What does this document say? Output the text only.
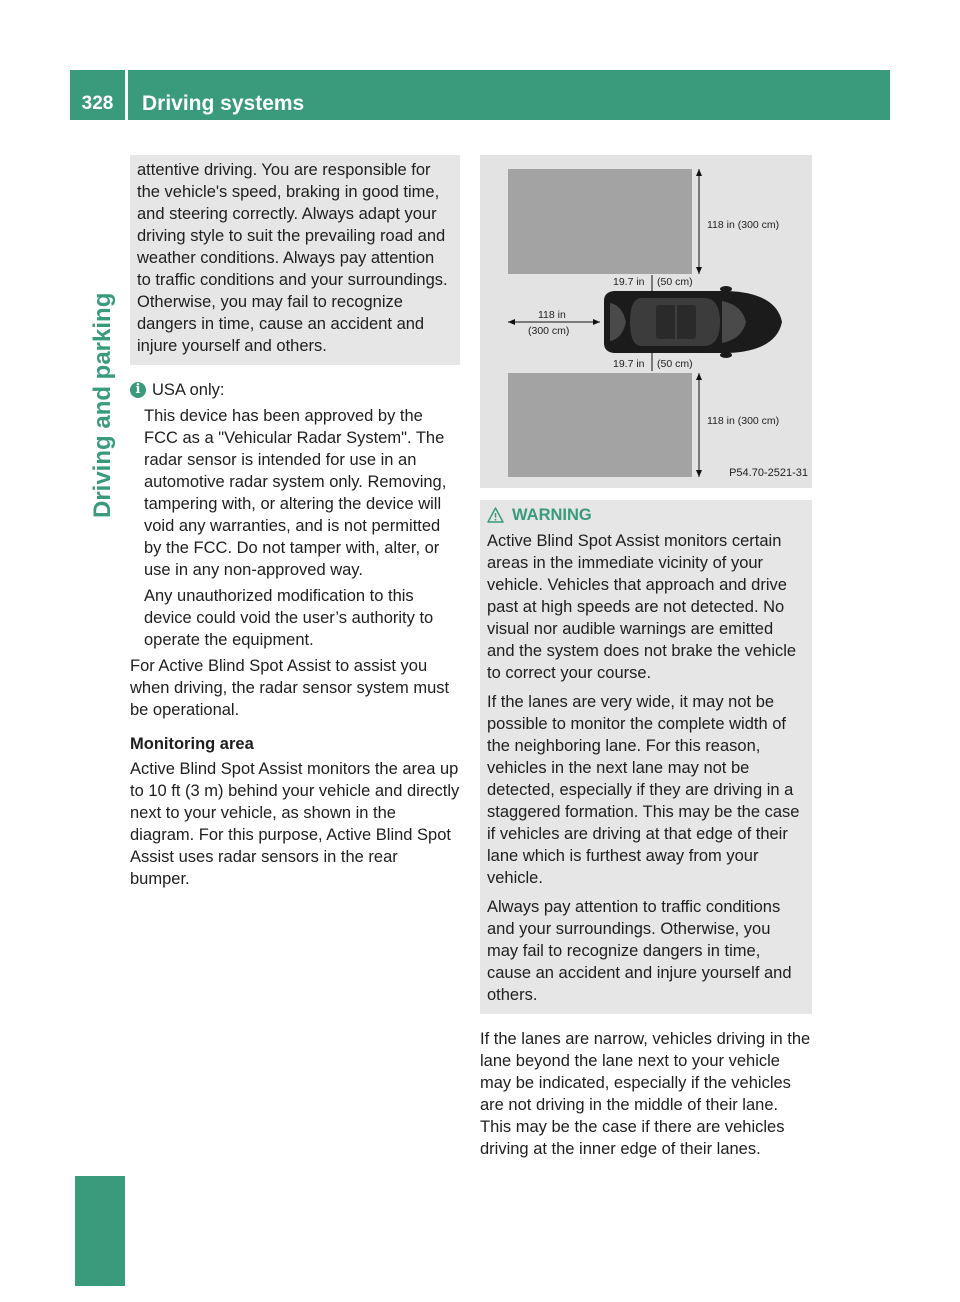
328	Driving systems
Driving and parking

attentive driving. You are responsible for the vehicle's speed, braking in good time, and steering correctly. Always adapt your driving style to suit the prevailing road and weather conditions. Always pay attention to traffic conditions and your surroundings. Otherwise, you may fail to recognize dangers in time, cause an accident and injure yourself and others.

i USA only:

This device has been approved by the FCC as a "Vehicular Radar System". The radar sensor is intended for use in an automotive radar system only. Removing, tampering with, or altering the device will void any warranties, and is not permitted by the FCC. Do not tamper with, alter, or use in any non-approved way.

Any unauthorized modification to this device could void the user’s authority to operate the equipment.

For Active Blind Spot Assist to assist you when driving, the radar sensor system must be operational.

Monitoring area

Active Blind Spot Assist monitors the area up to 10 ft (3 m) behind your vehicle and directly next to your vehicle, as shown in the diagram. For this purpose, Active Blind Spot Assist uses radar sensors in the rear bumper.

118 in (300 cm)
19.7 in (50 cm)
118 in
(300 cm)
19.7 in (50 cm)
118 in (300 cm)
P54.70-2521-31
WARNING

Active Blind Spot Assist monitors certain areas in the immediate vicinity of your vehicle. Vehicles that approach and drive past at high speeds are not detected. No visual nor audible warnings are emitted and the system does not brake the vehicle to correct your course.

If the lanes are very wide, it may not be possible to monitor the complete width of the neighboring lane. For this reason, vehicles in the next lane may not be detected, especially if they are driving in a staggered formation. This may be the case if vehicles are driving at that edge of their lane which is furthest away from your vehicle.

Always pay attention to traffic conditions and your surroundings. Otherwise, you may fail to recognize dangers in time, cause an accident and injure yourself and others.

If the lanes are narrow, vehicles driving in the lane beyond the lane next to your vehicle may be indicated, especially if the vehicles are not driving in the middle of their lane. This may be the case if there are vehicles driving at the inner edge of their lanes.
